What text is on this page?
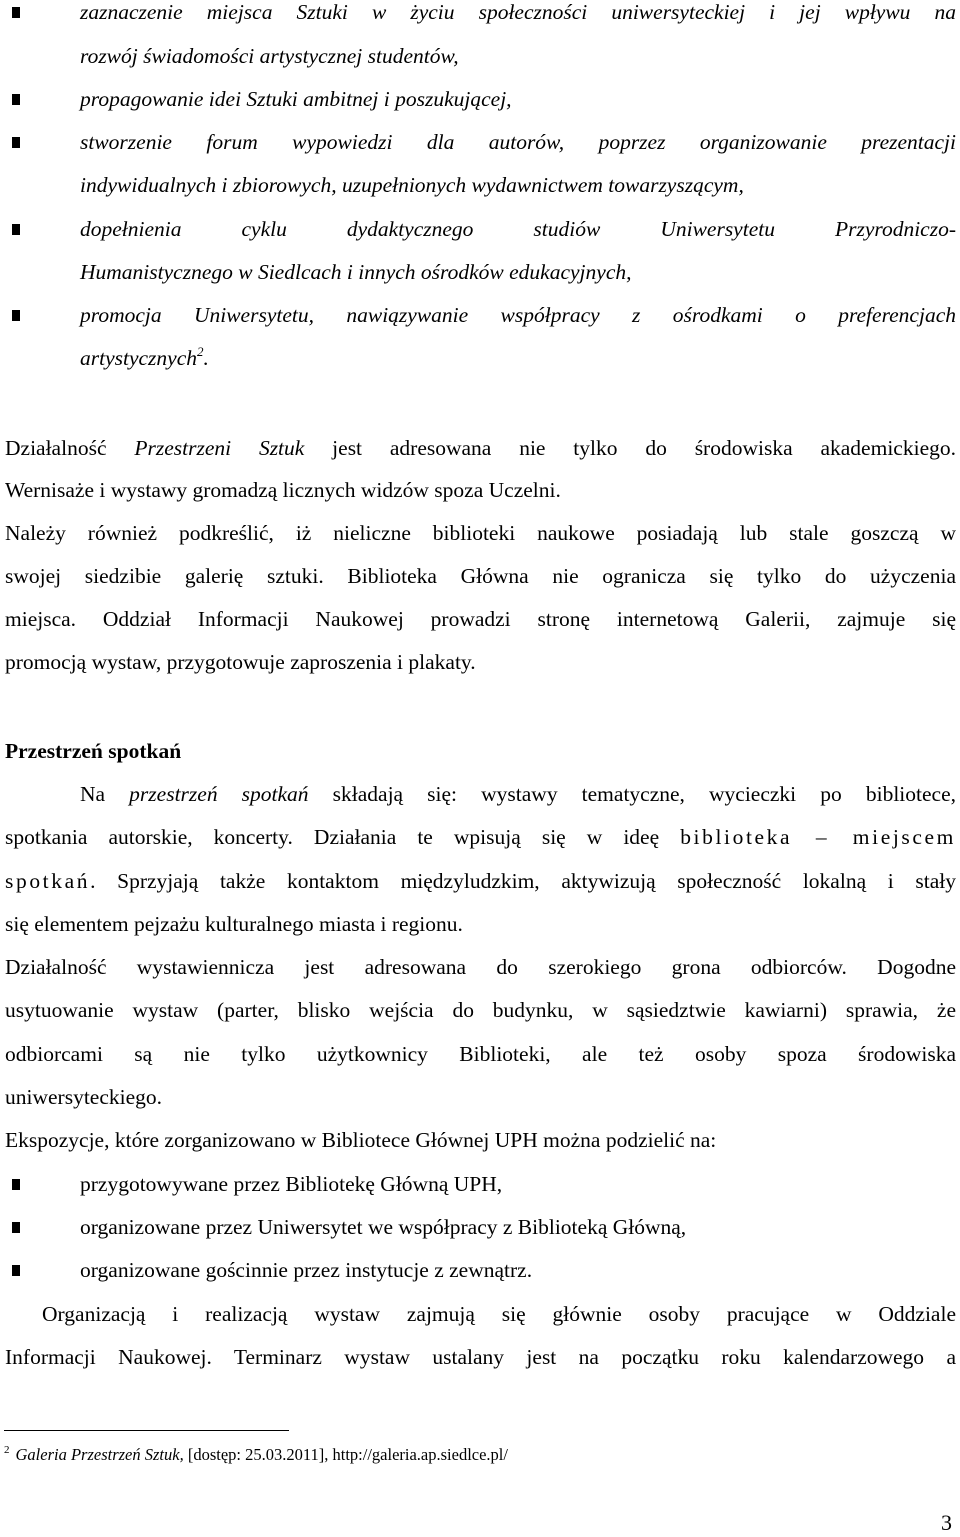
zaznaczenie miejsca Sztuki w życiu społeczności uniwersyteckiej i jej wpływu na
rozwój świadomości artystycznej studentów,
propagowanie idei Sztuki ambitnej i poszukującej,
stworzenie forum wypowiedzi dla autorów, poprzez organizowanie prezentacji
indywidualnych i zbiorowych, uzupełnionych wydawnictwem towarzyszącym,
dopełnienia cyklu dydaktycznego studiów Uniwersytetu Przyrodniczo-
Humanistycznego w Siedlcach i innych ośrodków edukacyjnych,
promocja Uniwersytetu, nawiązywanie współpracy z ośrodkami o preferencjach
artystycznych$^2$.
Działalność Przestrzeni Sztuk jest adresowana nie tylko do środowiska akademickiego.
Wernisaże i wystawy gromadzą licznych widzów spoza Uczelni.
Należy również podkreślić, iż nieliczne biblioteki naukowe posiadają lub stale goszczą w
swojej siedzibie galerię sztuki. Biblioteka Główna nie ogranicza się tylko do użyczenia
miejsca. Oddział Informacji Naukowej prowadzi stronę internetową Galerii, zajmuje się
promocją wystaw, przygotowuje zaproszenia i plakaty.
Przestrzeń spotkań
Na przestrzeń spotkań składają się: wystawy tematyczne, wycieczki po bibliotece,
spotkania autorskie, koncerty. Działania te wpisują się w ideę biblioteka – miejscem
spotkań. Sprzyjają także kontaktom międzyludzkim, aktywizują społeczność lokalną i stały
się elementem pejzażu kulturalnego miasta i regionu.
Działalność wystawiennicza jest adresowana do szerokiego grona odbiorców. Dogodne
usytuowanie wystaw (parter, blisko wejścia do budynku, w sąsiedztwie kawiarni) sprawia, że
odbiorcami są nie tylko użytkownicy Biblioteki, ale też osoby spoza środowiska
uniwersyteckiego.
Ekspozycje, które zorganizowano w Bibliotece Głównej UPH można podzielić na:
przygotowywane przez Bibliotekę Główną UPH,
organizowane przez Uniwersytet we współpracy z Biblioteką Główną,
organizowane gościnnie przez instytucje z zewnątrz.
Organizacją i realizacją wystaw zajmują się głównie osoby pracujące w Oddziale
Informacji Naukowej. Terminarz wystaw ustalany jest na początku roku kalendarzowego a
$^2$ Galeria Przestrzeń Sztuk, [dostęp: 25.03.2011], http://galeria.ap.siedlce.pl/
3
